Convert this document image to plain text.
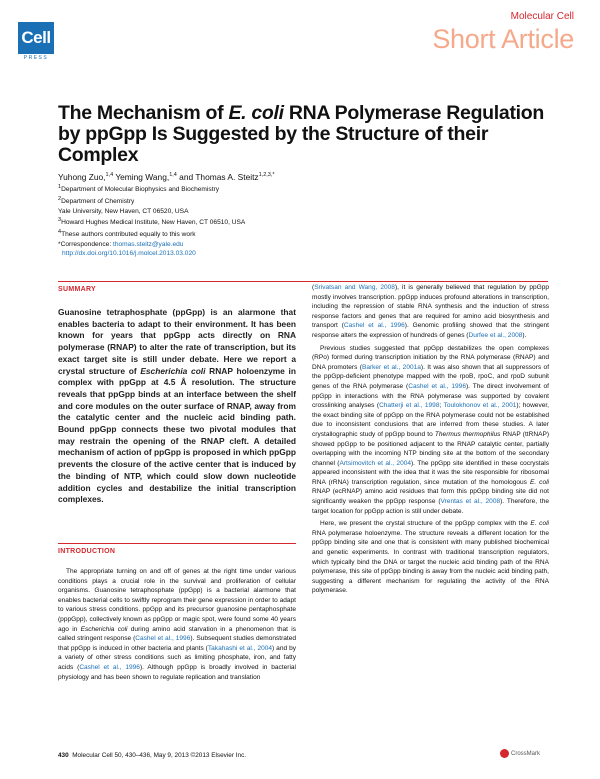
Cell
PRESS
Molecular Cell
Short Article
The Mechanism of E. coli RNA Polymerase Regulation by ppGpp Is Suggested by the Structure of their Complex
Yuhong Zuo,$^{1,4}$ Yeming Wang,$^{1,4}$ and Thomas A. Steitz$^{1,2,3,*}$
$^1$Department of Molecular Biophysics and Biochemistry
$^2$Department of Chemistry
Yale University, New Haven, CT 06520, USA
$^3$Howard Hughes Medical Institute, New Haven, CT 06510, USA
$^4$These authors contributed equally to this work
*Correspondence: thomas.steitz@yale.edu
http://dx.doi.org/10.1016/j.molcel.2013.03.020
SUMMARY
Guanosine tetraphosphate (ppGpp) is an alarmone that enables bacteria to adapt to their environment. It has been known for years that ppGpp acts directly on RNA polymerase (RNAP) to alter the rate of transcription, but its exact target site is still under debate. Here we report a crystal structure of Escherichia coli RNAP holoenzyme in complex with ppGpp at 4.5 Å resolution. The structure reveals that ppGpp binds at an interface between the shelf and core modules on the outer surface of RNAP, away from the catalytic center and the nucleic acid binding path. Bound ppGpp connects these two pivotal modules that may restrain the opening of the RNAP cleft. A detailed mechanism of action of ppGpp is proposed in which ppGpp prevents the closure of the active center that is induced by the binding of NTP, which could slow down nucleotide addition cycles and destabilize the initial transcription complexes.
INTRODUCTION

The appropriate turning on and off of genes at the right time under various conditions plays a crucial role in the survival and proliferation of cellular organisms. Guanosine tetraphosphate (ppGpp) is a bacterial alarmone that enables bacterial cells to swiftly reprogram their gene expression in order to adapt to various stress conditions. ppGpp and its precursor guanosine pentaphosphate (pppGpp), collectively known as ppGpp or magic spot, were found some 40 years ago in Escherichia coli during amino acid starvation in a phenomenon that is called stringent response (Cashel et al., 1996). Subsequent studies demonstrated that ppGpp is induced in other bacteria and plants (Takahashi et al., 2004) and by a variety of other stress conditions such as limiting phosphate, iron, and fatty acids (Cashel et al., 1996). Although ppGpp is broadly involved in bacterial physiology and has been shown to regulate replication and translation

(Srivatsan and Wang, 2008), it is generally believed that regulation by ppGpp mostly involves transcription. ppGpp induces profound alterations in transcription, including the repression of stable RNA synthesis and the induction of stress response factors and genes that are required for amino acid biosynthesis and transport (Cashel et al., 1996). Genomic profiling showed that the stringent response alters the expression of hundreds of genes (Durfee et al., 2008).

Previous studies suggested that ppGpp destabilizes the open complexes (RPo) formed during transcription initiation by the RNA polymerase (RNAP) and DNA promoters (Barker et al., 2001a). It was also shown that all suppressors of the ppGpp-deficient phenotype mapped with the rpoB, rpoC, and rpoD subunit genes of the RNA polymerase (Cashel et al., 1996). The direct involvement of ppGpp in interactions with the RNA polymerase was supported by covalent crosslinking analyses (Chatterji et al., 1998; Toulokhonov et al., 2001); however, the exact binding site of ppGpp on the RNA polymerase could not be established due to inconsistent conclusions that are inferred from these studies. A later crystallographic study of ppGpp bound to Thermus thermophilus RNAP (ttRNAP) showed ppGpp to be positioned adjacent to the RNAP catalytic center, partially overlapping with the incoming NTP binding site at the bottom of the secondary channel (Artsimovitch et al., 2004). The ppGpp site identified in these cocrystals appeared inconsistent with the idea that it was the site responsible for ribosomal RNA (rRNA) transcription regulation, since mutation of the homologous E. coli RNAP (ecRNAP) amino acid residues that form this ppGpp binding site did not significantly weaken the ppGpp response (Vrentas et al., 2008). Therefore, the target location for ppGpp action is still under debate.

Here, we present the crystal structure of the ppGpp complex with the E. coli RNA polymerase holoenzyme. The structure reveals a different location for the ppGpp binding site and one that is consistent with many published biochemical and genetic experiments. In contrast with traditional transcription regulators, which typically bind the DNA or target the nucleic acid binding path of the RNA polymerase, this site of ppGpp binding is away from the nucleic acid binding path, suggesting a different mechanism for regulating the activity of the RNA polymerase.

430 Molecular Cell 50, 430–436, May 9, 2013 ©2013 Elsevier Inc.	CrossMark
